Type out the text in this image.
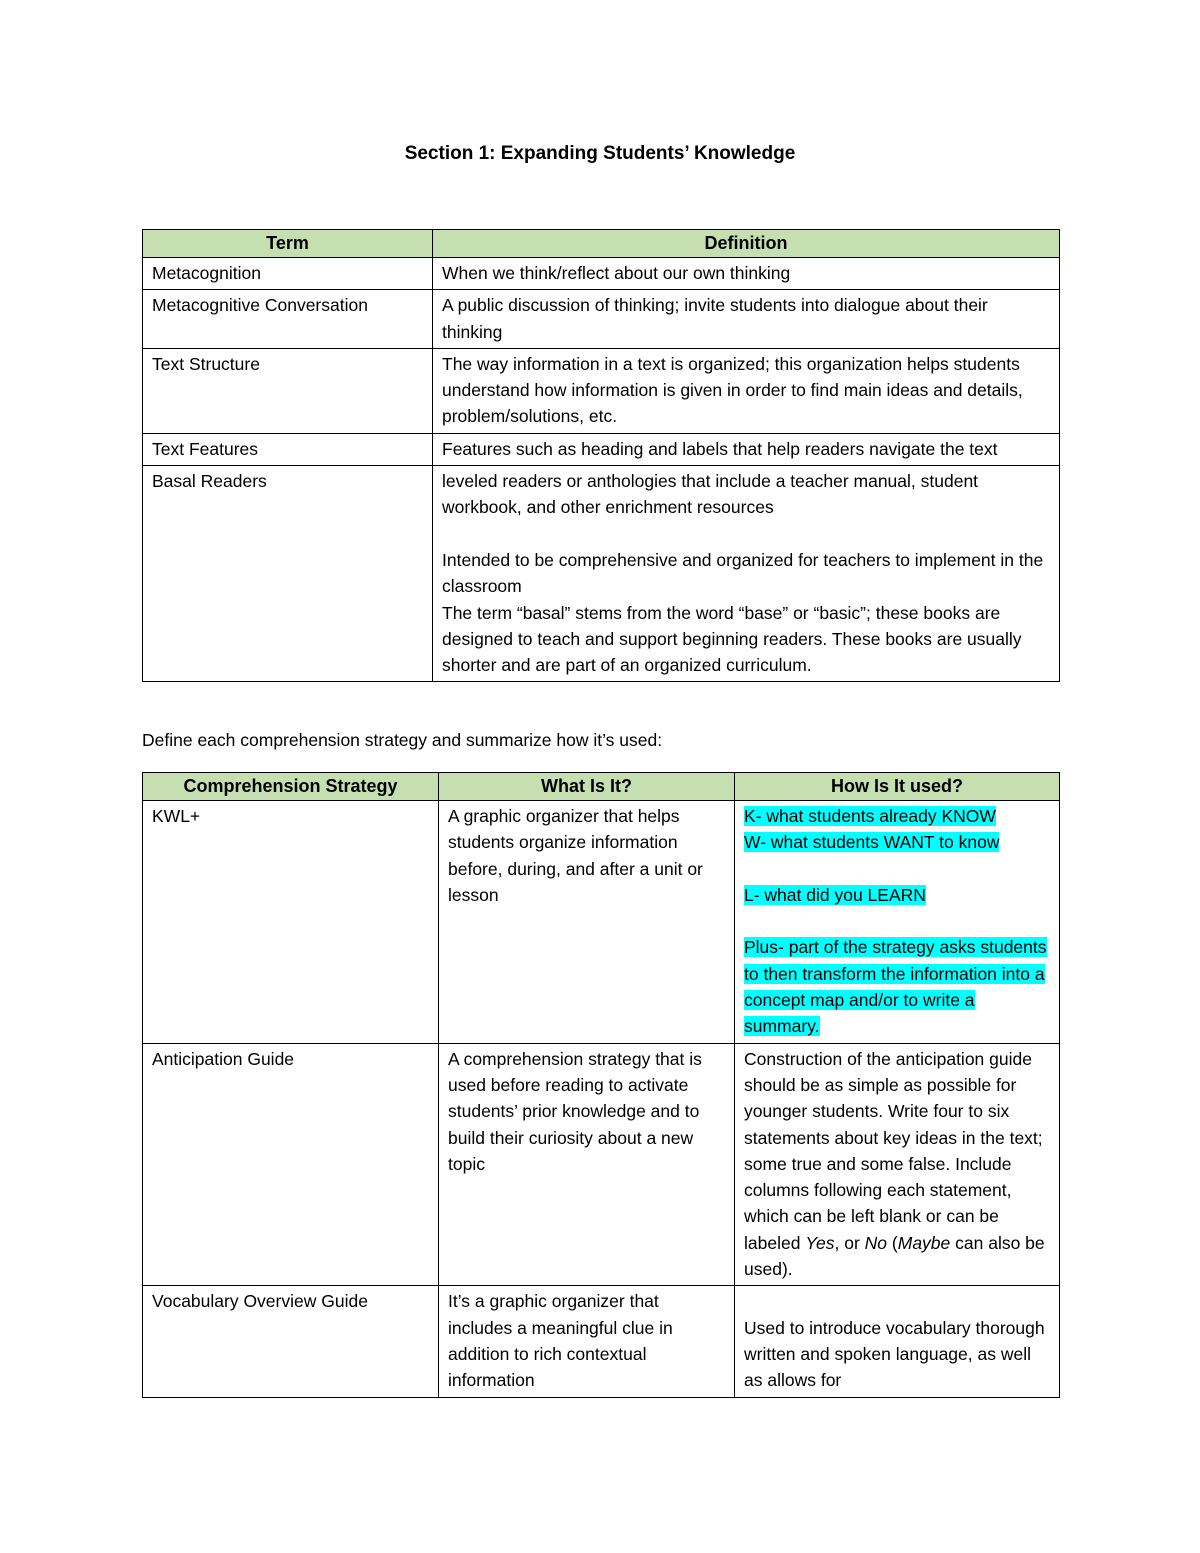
Section 1: Expanding Students’ Knowledge
Term	Definition
Metacognition	When we think/reflect about our own thinking
Metacognitive Conversation	A public discussion of thinking; invite students into dialogue about their thinking
Text Structure	The way information in a text is organized; this organization helps students understand how information is given in order to find main ideas and details, problem/solutions, etc.
Text Features	Features such as heading and labels that help readers navigate the text
Basal Readers	leveled readers or anthologies that include a teacher manual, student workbook, and other enrichment resources
Intended to be comprehensive and organized for teachers to implement in the classroom
The term “basal” stems from the word “base” or “basic”; these books are designed to teach and support beginning readers. These books are usually shorter and are part of an organized curriculum.
Define each comprehension strategy and summarize how it’s used:
Comprehension Strategy	What Is It?	How Is It used?
KWL+	A graphic organizer that helps students organize information before, during, and after a unit or lesson	K- what students already KNOW
W- what students WANT to know
L- what did you LEARN
Plus- part of the strategy asks students to then transform the information into a concept map and/or to write a summary.
Anticipation Guide	A comprehension strategy that is used before reading to activate students’ prior knowledge and to build their curiosity about a new topic	Construction of the anticipation guide should be as simple as possible for younger students. Write four to six statements about key ideas in the text; some true and some false. Include columns following each statement, which can be left blank or can be labeled Yes, or No (Maybe can also be used).
Vocabulary Overview Guide	It’s a graphic organizer that includes a meaningful clue in addition to rich contextual information	Used to introduce vocabulary thorough written and spoken language, as well as allows for
